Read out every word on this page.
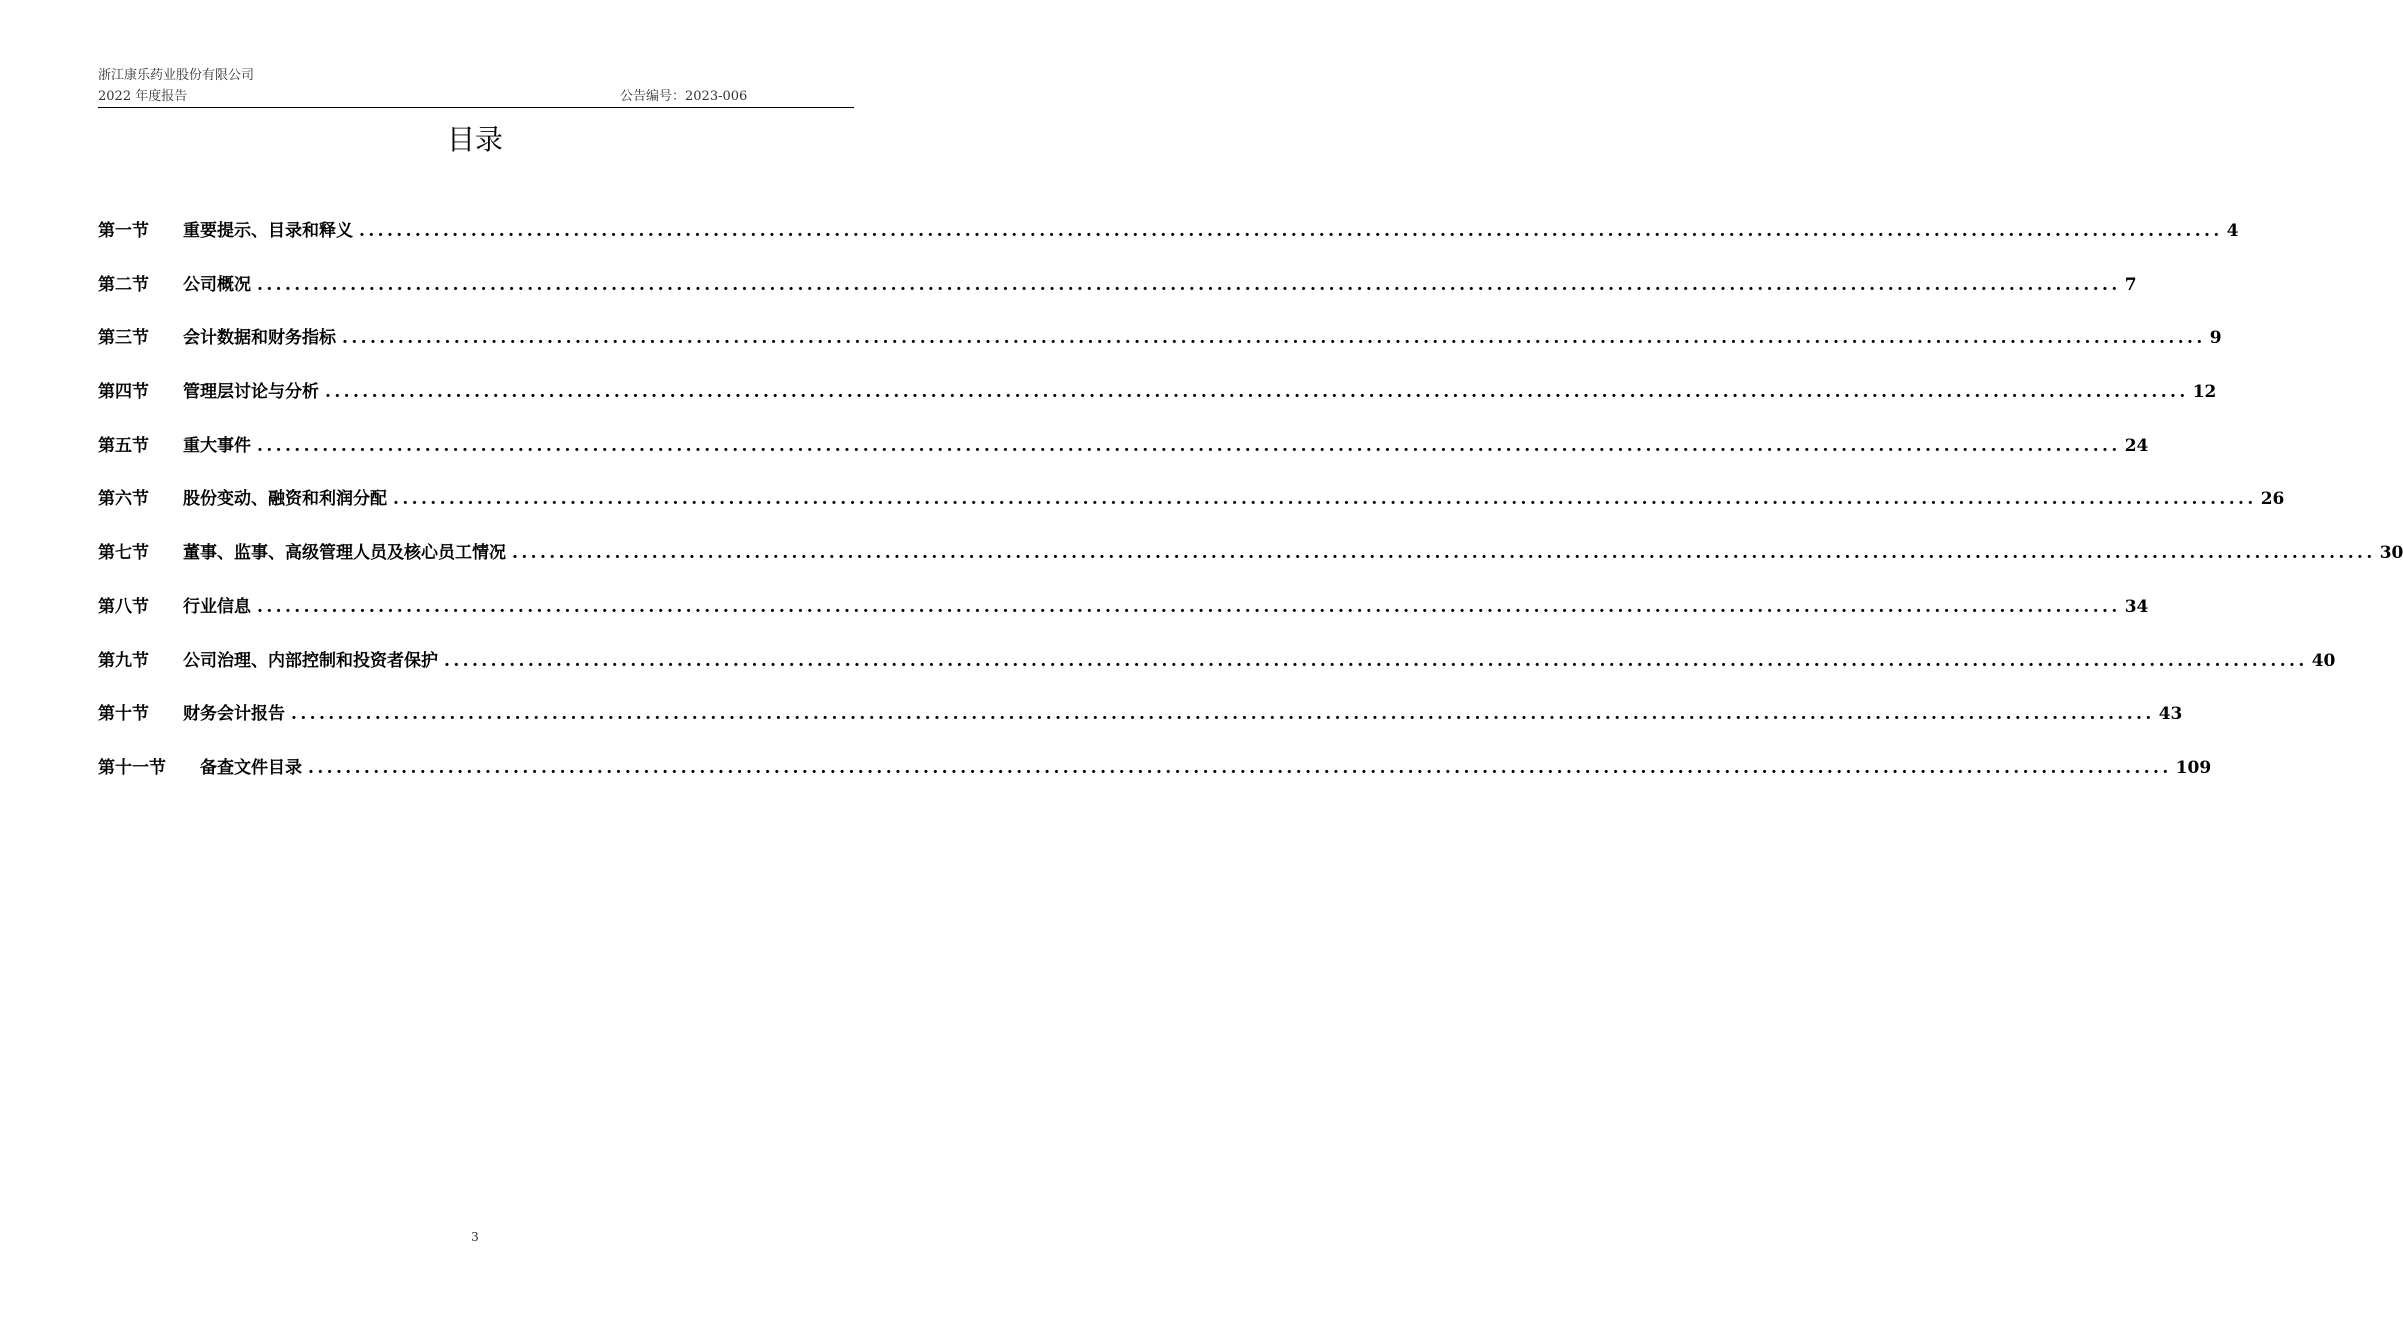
浙江康乐药业股份有限公司
2022 年度报告	公告编号：2023-006
目录
第一节	重要提示、目录和释义 ........................................................................................................................................................................................................ 4
第二节	公司概况 ........................................................................................................................................................................................................ 7
第三节	会计数据和财务指标 ........................................................................................................................................................................................................ 9
第四节	管理层讨论与分析 ........................................................................................................................................................................................................ 12
第五节	重大事件 ........................................................................................................................................................................................................ 24
第六节	股份变动、融资和利润分配 ........................................................................................................................................................................................................ 26
第七节	董事、监事、高级管理人员及核心员工情况 ........................................................................................................................................................................................................ 30
第八节	行业信息 ........................................................................................................................................................................................................ 34
第九节	公司治理、内部控制和投资者保护 ........................................................................................................................................................................................................ 40
第十节	财务会计报告 ........................................................................................................................................................................................................ 43
第十一节	备查文件目录 ........................................................................................................................................................................................................ 109
3
